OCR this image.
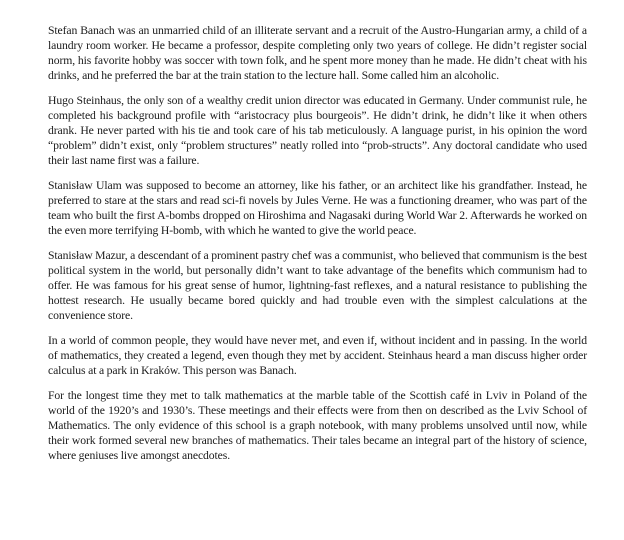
Stefan Banach was an unmarried child of an illiterate servant and a recruit of the Austro-Hungarian army, a child of a laundry room worker. He became a professor, despite completing only two years of college. He didn’t register social norm, his favorite hobby was soccer with town folk, and he spent more money than he made. He didn’t cheat with his drinks, and he preferred the bar at the train station to the lecture hall. Some called him an alcoholic.

Hugo Steinhaus, the only son of a wealthy credit union director was educated in Germany. Under communist rule, he completed his background profile with “aristocracy plus bourgeois”. He didn’t drink, he didn’t like it when others drank. He never parted with his tie and took care of his tab meticulously. A language purist, in his opinion the word “problem” didn’t exist, only “problem structures” neatly rolled into “prob-structs”. Any doctoral candidate who used their last name first was a failure.

Stanisław Ulam was supposed to become an attorney, like his father, or an architect like his grandfather. Instead, he preferred to stare at the stars and read sci-fi novels by Jules Verne. He was a functioning dreamer, who was part of the team who built the first A-bombs dropped on Hiroshima and Nagasaki during World War 2. Afterwards he worked on the even more terrifying H-bomb, with which he wanted to give the world peace.

Stanisław Mazur, a descendant of a prominent pastry chef was a communist, who believed that communism is the best political system in the world, but personally didn’t want to take advantage of the benefits which communism had to offer. He was famous for his great sense of humor, lightning-fast reflexes, and a natural resistance to publishing the hottest research. He usually became bored quickly and had trouble even with the simplest calculations at the convenience store.

In a world of common people, they would have never met, and even if, without incident and in passing. In the world of mathematics, they created a legend, even though they met by accident. Steinhaus heard a man discuss higher order calculus at a park in Kraków. This person was Banach.

For the longest time they met to talk mathematics at the marble table of the Scottish café in Lviv in Poland of the world of the 1920’s and 1930’s. These meetings and their effects were from then on described as the Lviv School of Mathematics. The only evidence of this school is a graph notebook, with many problems unsolved until now, while their work formed several new branches of mathematics. Their tales became an integral part of the history of science, where geniuses live amongst anecdotes.
